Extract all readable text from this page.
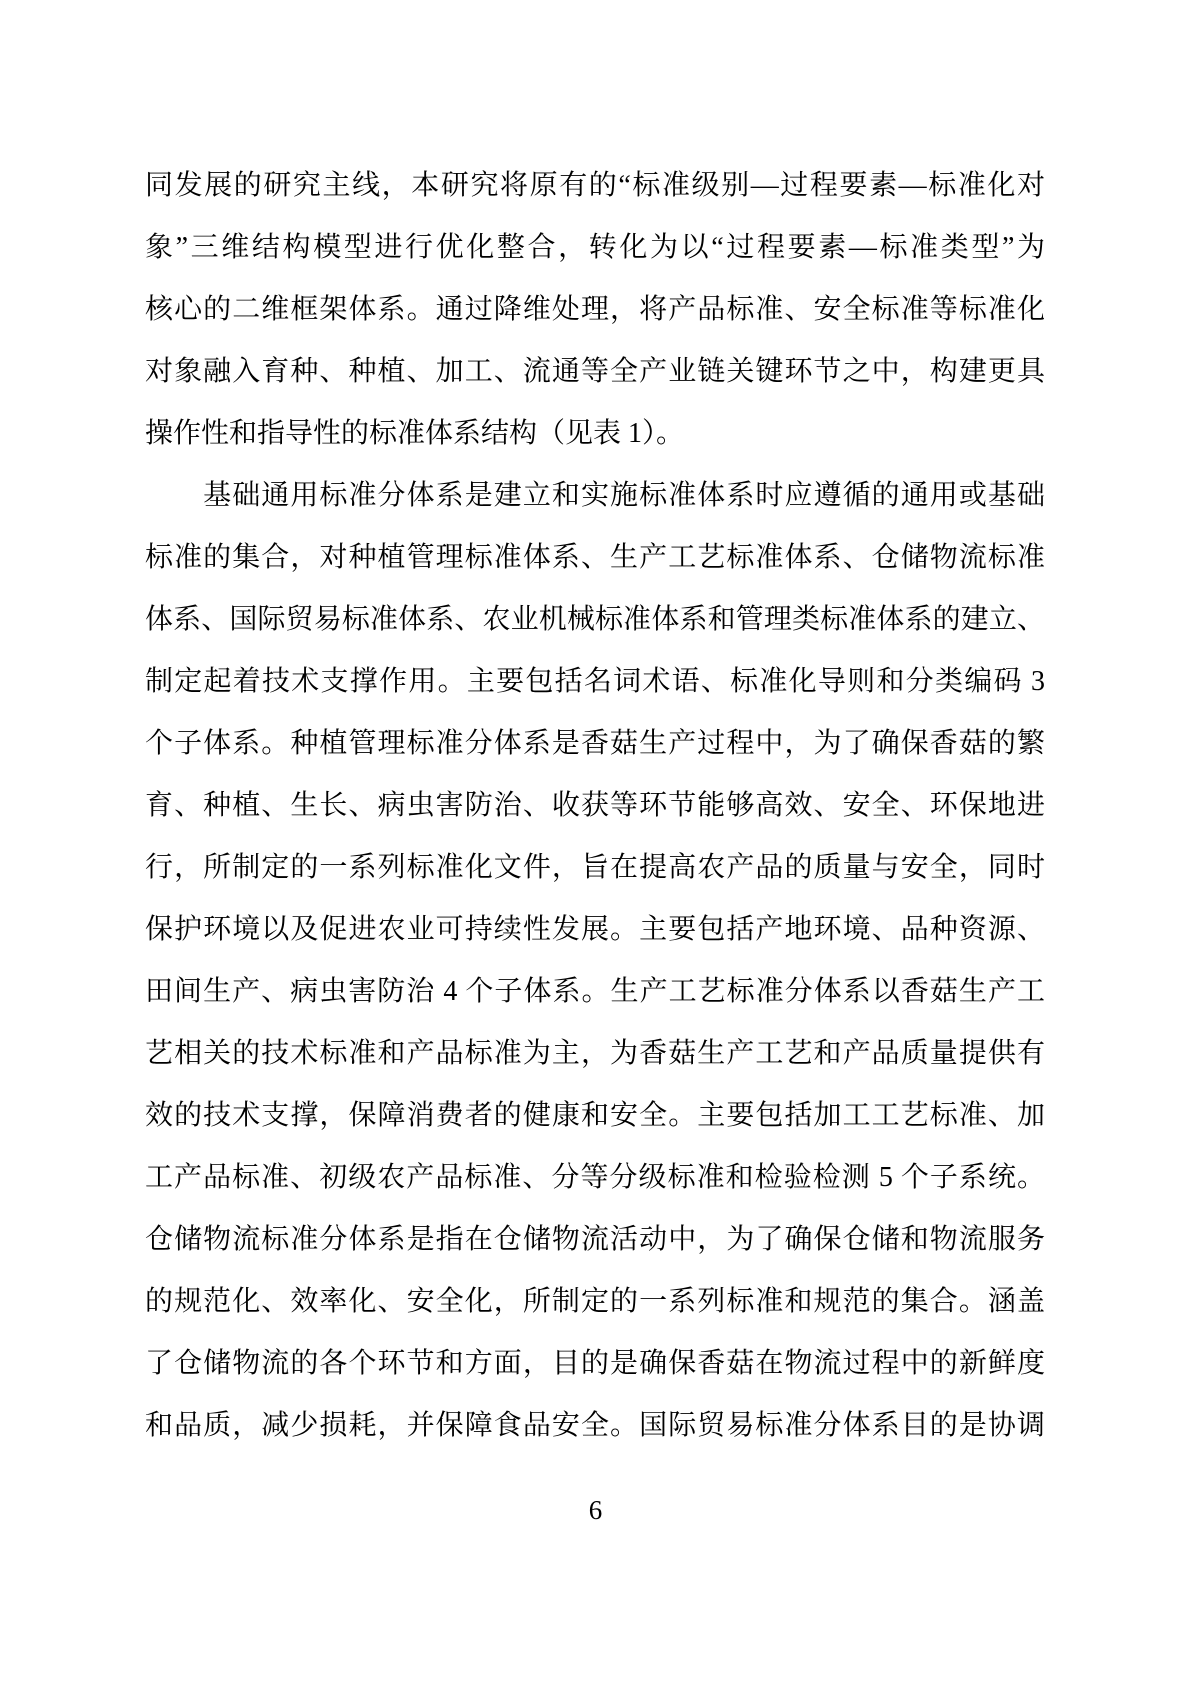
同发展的研究主线，本研究将原有的“标准级别—过程要素—标准化对
象”三维结构模型进行优化整合，转化为以“过程要素—标准类型”为
核心的二维框架体系。通过降维处理，将产品标准、安全标准等标准化
对象融入育种、种植、加工、流通等全产业链关键环节之中，构建更具
操作性和指导性的标准体系结构（见表 1）。
　　基础通用标准分体系是建立和实施标准体系时应遵循的通用或基础
标准的集合，对种植管理标准体系、生产工艺标准体系、仓储物流标准
体系、国际贸易标准体系、农业机械标准体系和管理类标准体系的建立、
制定起着技术支撑作用。主要包括名词术语、标准化导则和分类编码 3
个子体系。种植管理标准分体系是香菇生产过程中，为了确保香菇的繁
育、种植、生长、病虫害防治、收获等环节能够高效、安全、环保地进
行，所制定的一系列标准化文件，旨在提高农产品的质量与安全，同时
保护环境以及促进农业可持续性发展。主要包括产地环境、品种资源、
田间生产、病虫害防治 4 个子体系。生产工艺标准分体系以香菇生产工
艺相关的技术标准和产品标准为主，为香菇生产工艺和产品质量提供有
效的技术支撑，保障消费者的健康和安全。主要包括加工工艺标准、加
工产品标准、初级农产品标准、分等分级标准和检验检测 5 个子系统。
仓储物流标准分体系是指在仓储物流活动中，为了确保仓储和物流服务
的规范化、效率化、安全化，所制定的一系列标准和规范的集合。涵盖
了仓储物流的各个环节和方面，目的是确保香菇在物流过程中的新鲜度
和品质，减少损耗，并保障食品安全。国际贸易标准分体系目的是协调
6
